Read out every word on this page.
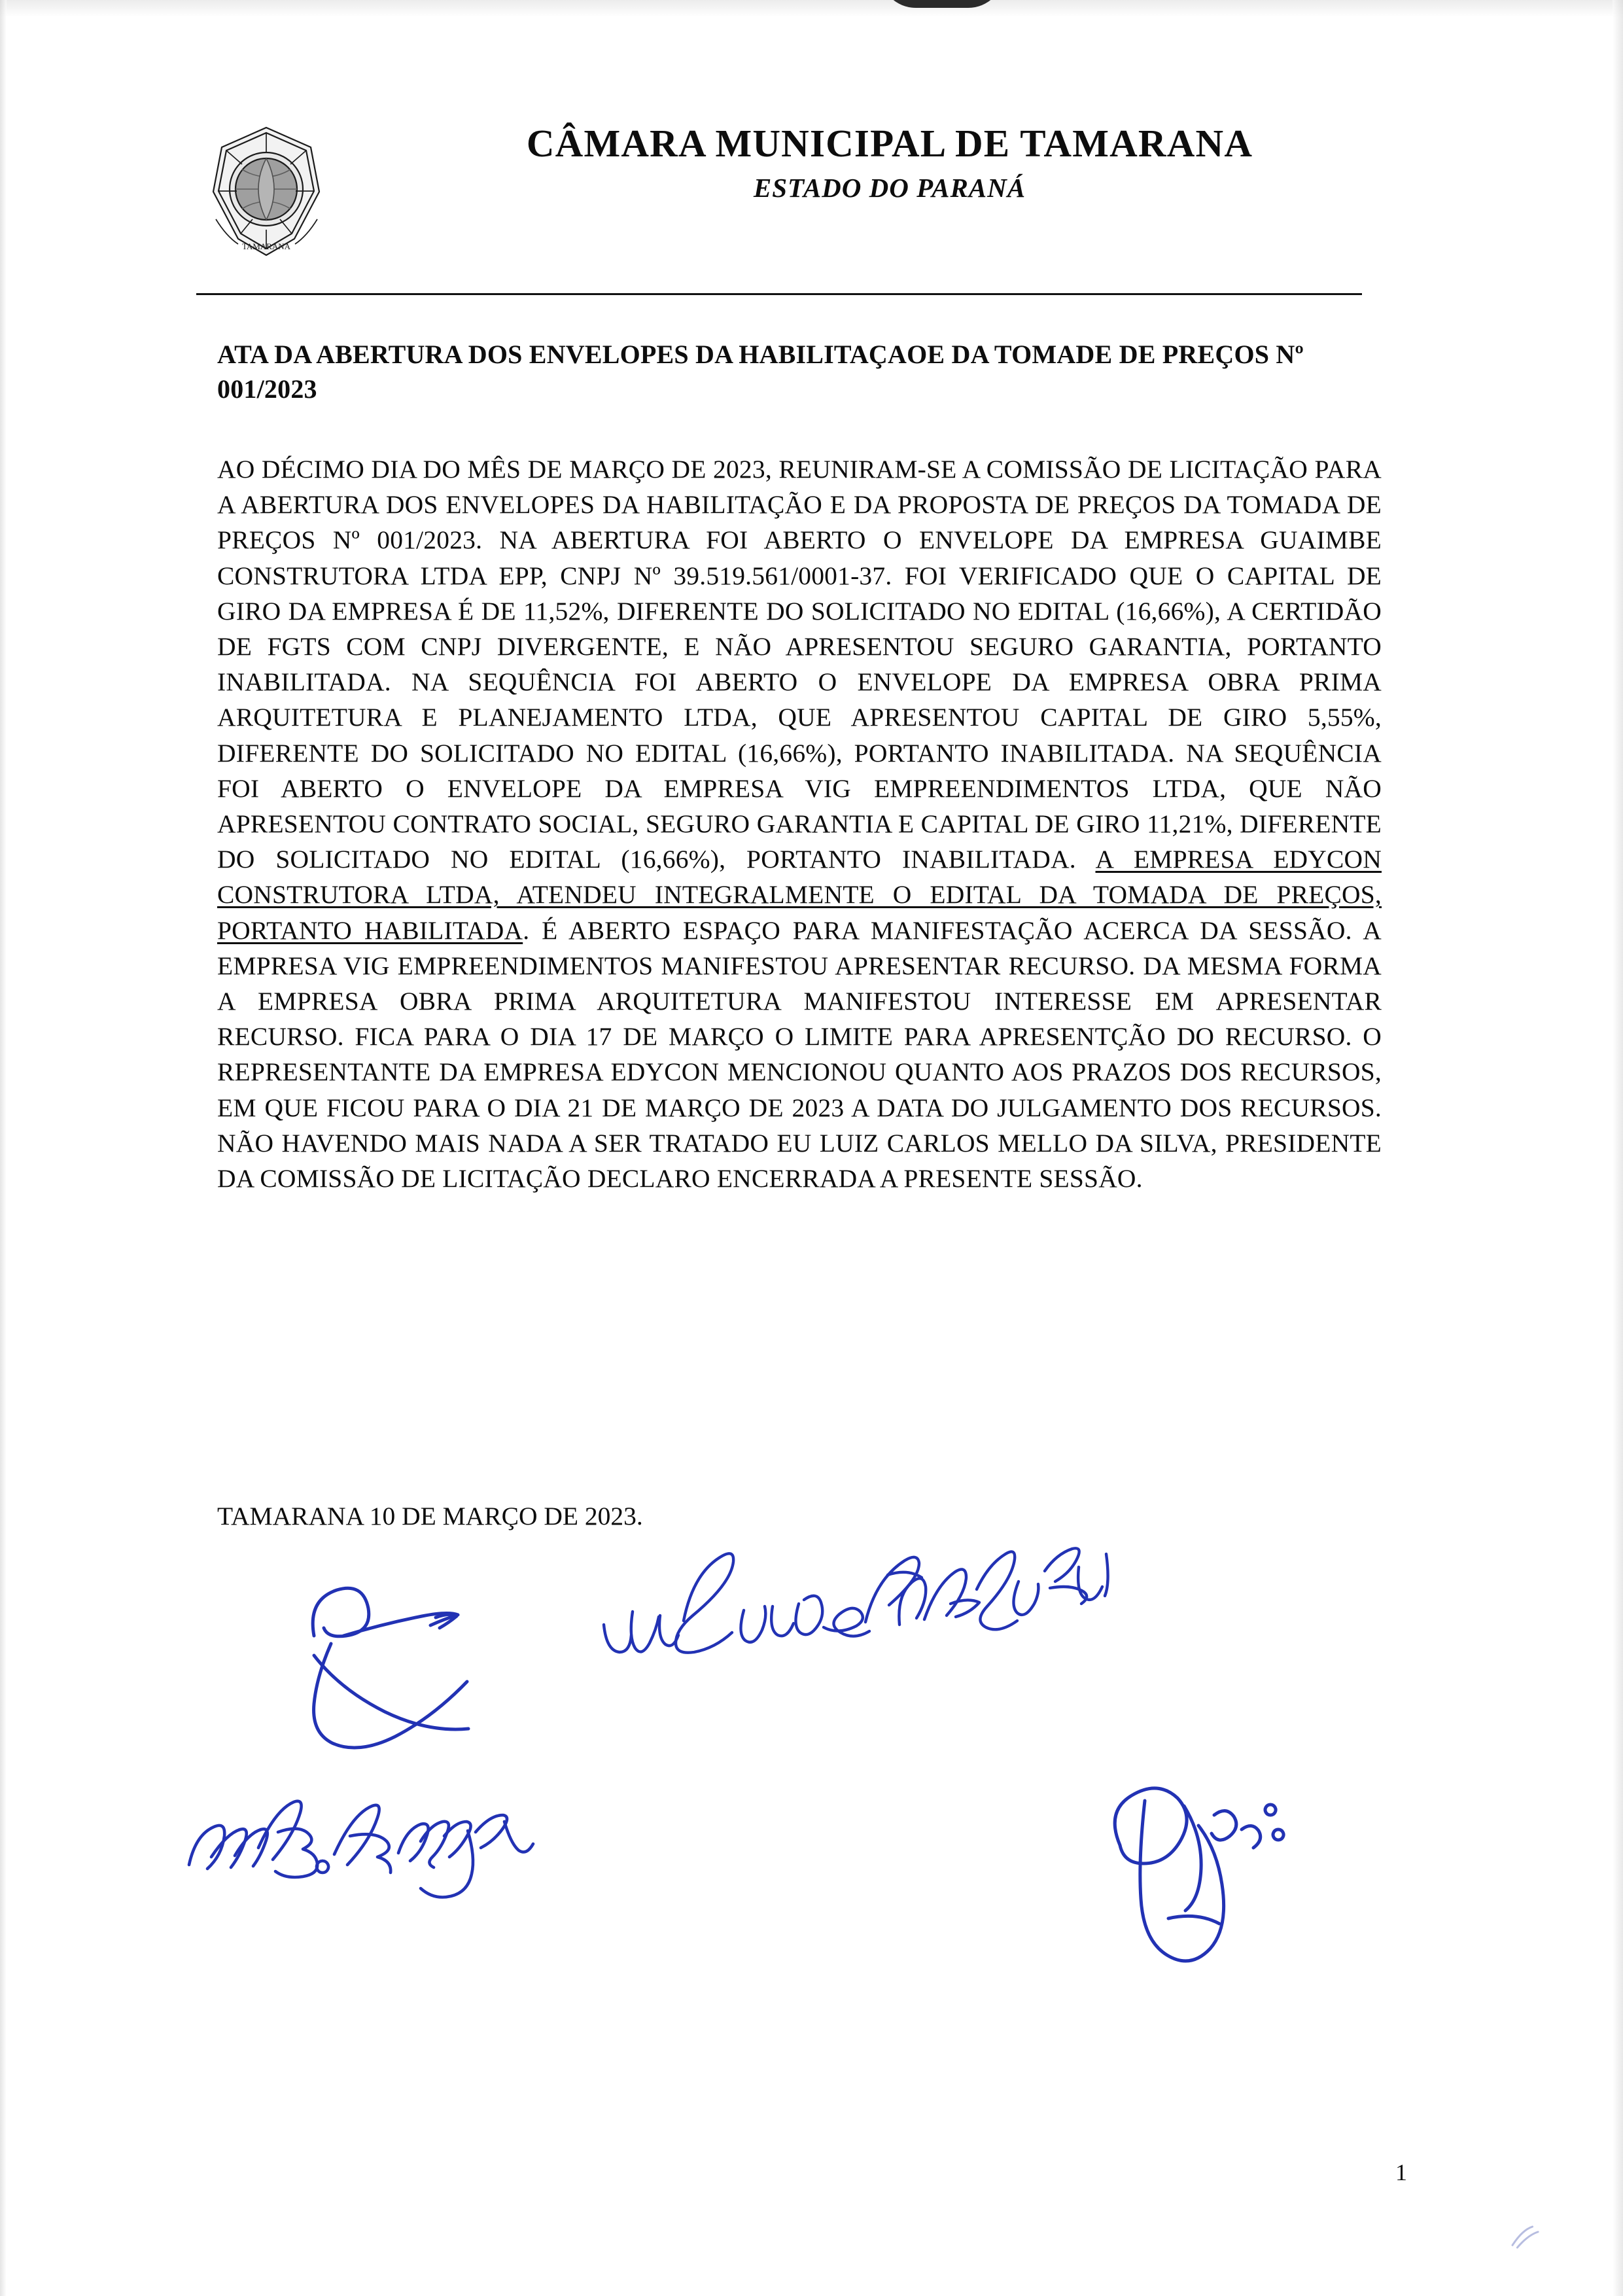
TAMARANA
CÂMARA MUNICIPAL DE TAMARANA
ESTADO DO PARANÁ
ATA DA ABERTURA DOS ENVELOPES DA HABILITAÇAOE DA TOMADE DE PREÇOS Nº 001/2023
AO DÉCIMO DIA DO MÊS DE MARÇO DE 2023, REUNIRAM-SE A COMISSÃO DE LICITAÇÃO PARA A ABERTURA DOS ENVELOPES DA HABILITAÇÃO E DA PROPOSTA DE PREÇOS DA TOMADA DE PREÇOS Nº 001/2023. NA ABERTURA FOI ABERTO O ENVELOPE DA EMPRESA GUAIMBE CONSTRUTORA LTDA EPP, CNPJ Nº 39.519.561/0001-37. FOI VERIFICADO QUE O CAPITAL DE GIRO DA EMPRESA É DE 11,52%, DIFERENTE DO SOLICITADO NO EDITAL (16,66%), A CERTIDÃO DE FGTS COM CNPJ DIVERGENTE, E NÃO APRESENTOU SEGURO GARANTIA, PORTANTO INABILITADA. NA SEQUÊNCIA FOI ABERTO O ENVELOPE DA EMPRESA OBRA PRIMA ARQUITETURA E PLANEJAMENTO LTDA, QUE APRESENTOU CAPITAL DE GIRO 5,55%, DIFERENTE DO SOLICITADO NO EDITAL (16,66%), PORTANTO INABILITADA. NA SEQUÊNCIA FOI ABERTO O ENVELOPE DA EMPRESA VIG EMPREENDIMENTOS LTDA, QUE NÃO APRESENTOU CONTRATO SOCIAL, SEGURO GARANTIA E CAPITAL DE GIRO 11,21%, DIFERENTE DO SOLICITADO NO EDITAL (16,66%), PORTANTO INABILITADA. A EMPRESA EDYCON CONSTRUTORA LTDA, ATENDEU INTEGRALMENTE O EDITAL DA TOMADA DE PREÇOS, PORTANTO HABILITADA. É ABERTO ESPAÇO PARA MANIFESTAÇÃO ACERCA DA SESSÃO. A EMPRESA VIG EMPREENDIMENTOS MANIFESTOU APRESENTAR RECURSO. DA MESMA FORMA A EMPRESA OBRA PRIMA ARQUITETURA MANIFESTOU INTERESSE EM APRESENTAR RECURSO. FICA PARA O DIA 17 DE MARÇO O LIMITE PARA APRESENTÇÃO DO RECURSO. O REPRESENTANTE DA EMPRESA EDYCON MENCIONOU QUANTO AOS PRAZOS DOS RECURSOS, EM QUE FICOU PARA O DIA 21 DE MARÇO DE 2023 A DATA DO JULGAMENTO DOS RECURSOS. NÃO HAVENDO MAIS NADA A SER TRATADO EU LUIZ CARLOS MELLO DA SILVA, PRESIDENTE DA COMISSÃO DE LICITAÇÃO DECLARO ENCERRADA A PRESENTE SESSÃO.
TAMARANA 10 DE MARÇO DE 2023.
1
